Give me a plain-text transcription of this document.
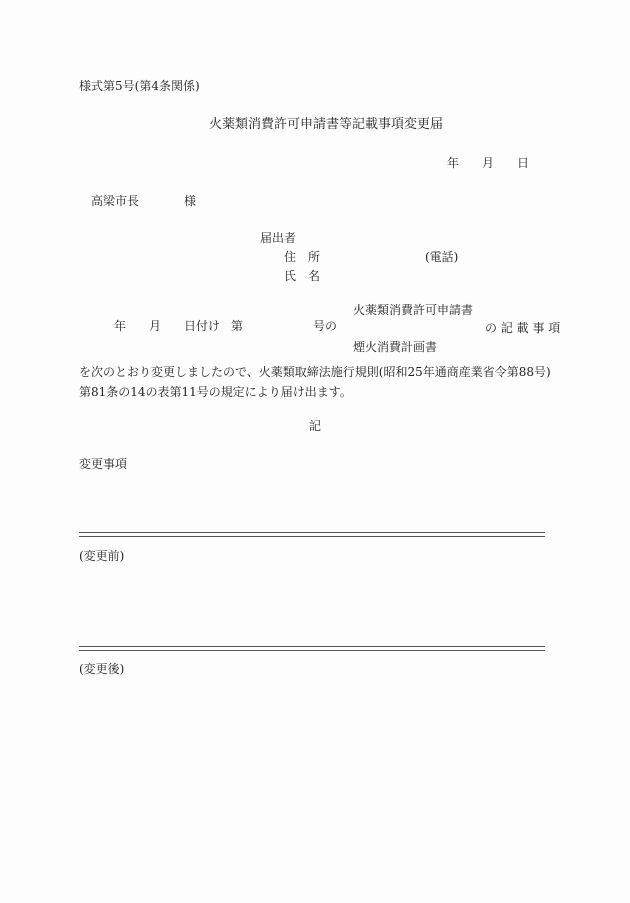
様式第5号(第4条関係)
火薬類消費許可申請書等記載事項変更届
年 月 日
高梁市長	様
届出者
住　所	(電話)
氏　名
年 月 日付け 第	号の
火薬類消費許可申請書
煙火消費計画書
の 記 載 事 項
を次のとおり変更しましたので、火薬類取締法施行規則(昭和25年通商産業省令第88号)第81条の14の表第11号の規定により届け出ます。
記
変更事項
(変更前)
(変更後)
